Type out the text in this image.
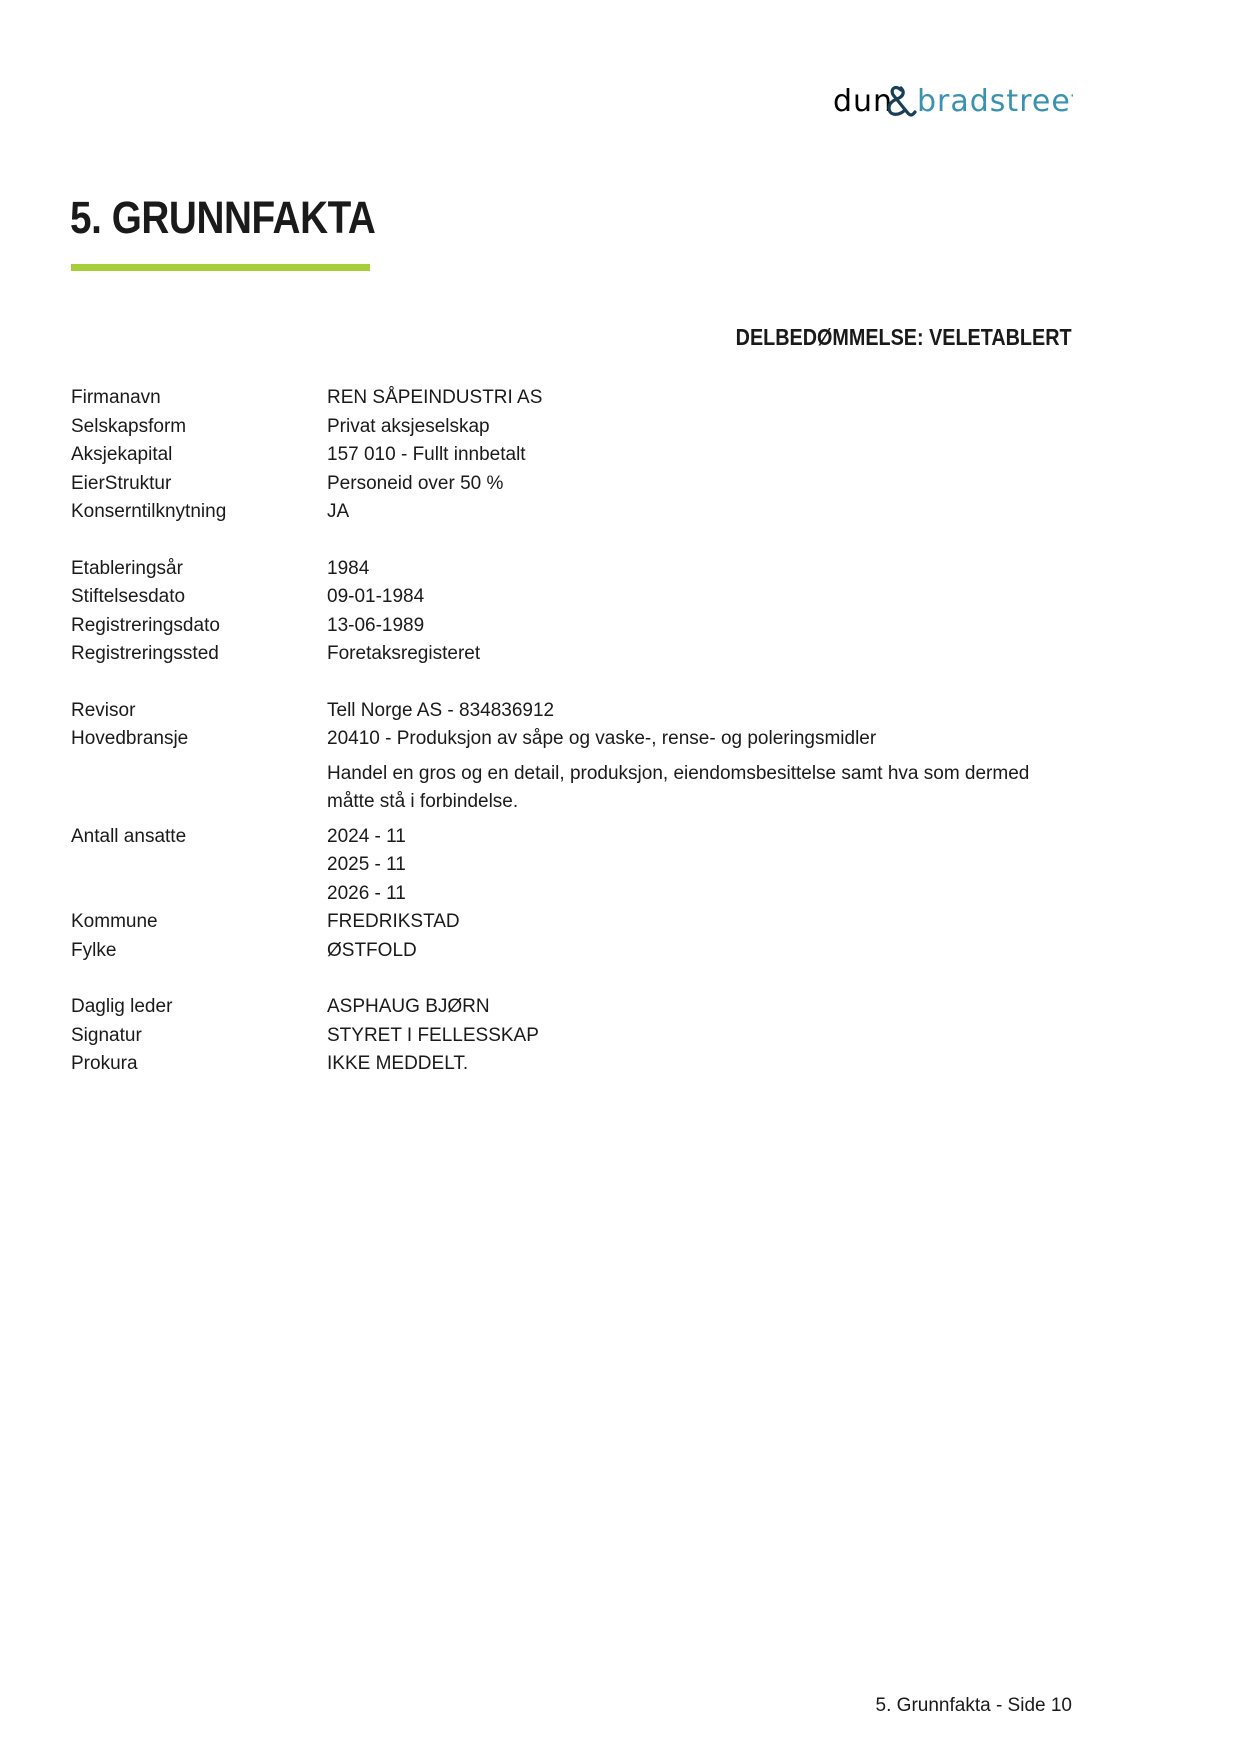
dun bradstreet
5. GRUNNFAKTA
DELBEDØMMELSE: VELETABLERT
Firmanavn	REN SÅPEINDUSTRI AS
Selskapsform	Privat aksjeselskap
Aksjekapital	157 010 - Fullt innbetalt
EierStruktur	Personeid over 50 %
Konserntilknytning	JA
Etableringsår	1984
Stiftelsesdato	09-01-1984
Registreringsdato	13-06-1989
Registreringssted	Foretaksregisteret
Revisor	Tell Norge AS - 834836912
Hovedbransje	20410 - Produksjon av såpe og vaske-, rense- og poleringsmidler
Handel en gros og en detail, produksjon, eiendomsbesittelse samt hva som dermed måtte stå i forbindelse.
Antall ansatte	2024 - 11
2025 - 11
2026 - 11
Kommune	FREDRIKSTAD
Fylke	ØSTFOLD
Daglig leder	ASPHAUG BJØRN
Signatur	STYRET I FELLESSKAP
Prokura	IKKE MEDDELT.
5. Grunnfakta - Side 10
